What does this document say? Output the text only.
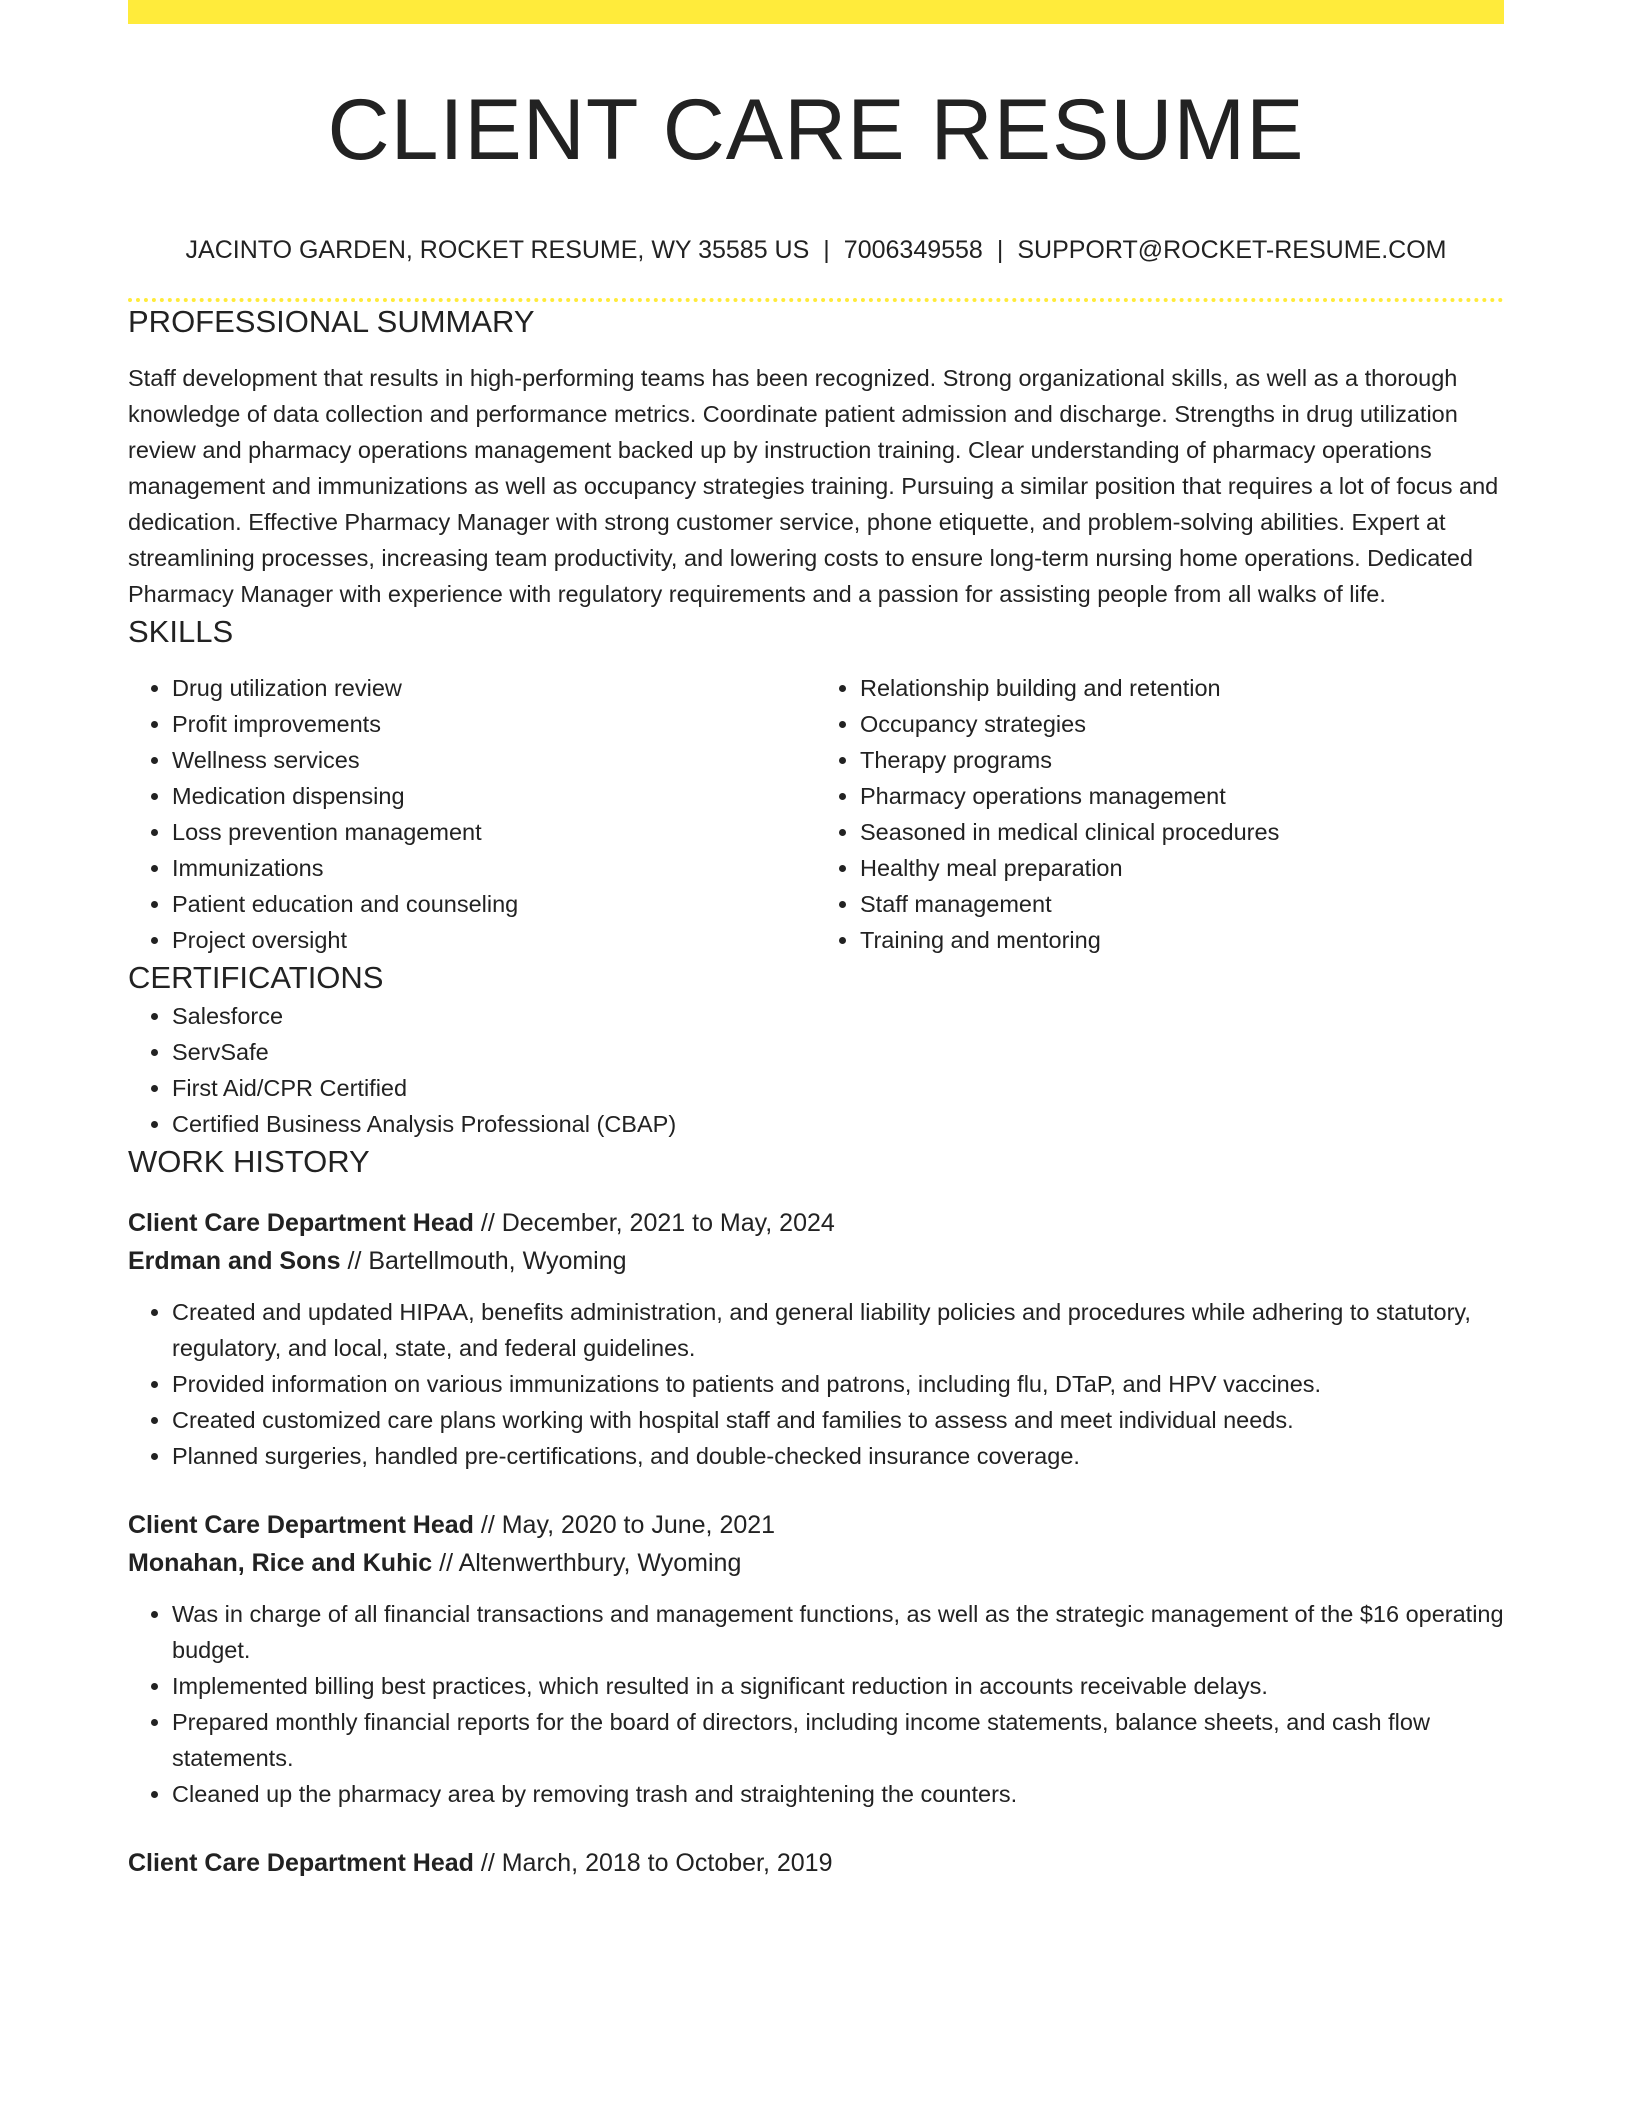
CLIENT CARE RESUME
JACINTO GARDEN, ROCKET RESUME, WY 35585 US | 7006349558 | SUPPORT@ROCKET-RESUME.COM
PROFESSIONAL SUMMARY

Staff development that results in high-performing teams has been recognized. Strong organizational skills, as well as a thorough knowledge of data collection and performance metrics. Coordinate patient admission and discharge. Strengths in drug utilization review and pharmacy operations management backed up by instruction training. Clear understanding of pharmacy operations management and immunizations as well as occupancy strategies training. Pursuing a similar position that requires a lot of focus and dedication. Effective Pharmacy Manager with strong customer service, phone etiquette, and problem-solving abilities. Expert at streamlining processes, increasing team productivity, and lowering costs to ensure long-term nursing home operations. Dedicated Pharmacy Manager with experience with regulatory requirements and a passion for assisting people from all walks of life.

SKILLS
• Drug utilization review
• Profit improvements
• Wellness services
• Medication dispensing
• Loss prevention management
• Immunizations
• Patient education and counseling
• Project oversight
• Relationship building and retention
• Occupancy strategies
• Therapy programs
• Pharmacy operations management
• Seasoned in medical clinical procedures
• Healthy meal preparation
• Staff management
• Training and mentoring
CERTIFICATIONS
• Salesforce
• ServSafe
• First Aid/CPR Certified
• Certified Business Analysis Professional (CBAP)
WORK HISTORY
Client Care Department Head // December, 2021 to May, 2024
Erdman and Sons // Bartellmouth, Wyoming
• Created and updated HIPAA, benefits administration, and general liability policies and procedures while adhering to statutory, regulatory, and local, state, and federal guidelines.
• Provided information on various immunizations to patients and patrons, including flu, DTaP, and HPV vaccines.
• Created customized care plans working with hospital staff and families to assess and meet individual needs.
• Planned surgeries, handled pre-certifications, and double-checked insurance coverage.
Client Care Department Head // May, 2020 to June, 2021
Monahan, Rice and Kuhic // Altenwerthbury, Wyoming
• Was in charge of all financial transactions and management functions, as well as the strategic management of the $16 operating budget.
• Implemented billing best practices, which resulted in a significant reduction in accounts receivable delays.
• Prepared monthly financial reports for the board of directors, including income statements, balance sheets, and cash flow statements.
• Cleaned up the pharmacy area by removing trash and straightening the counters.
Client Care Department Head // March, 2018 to October, 2019
